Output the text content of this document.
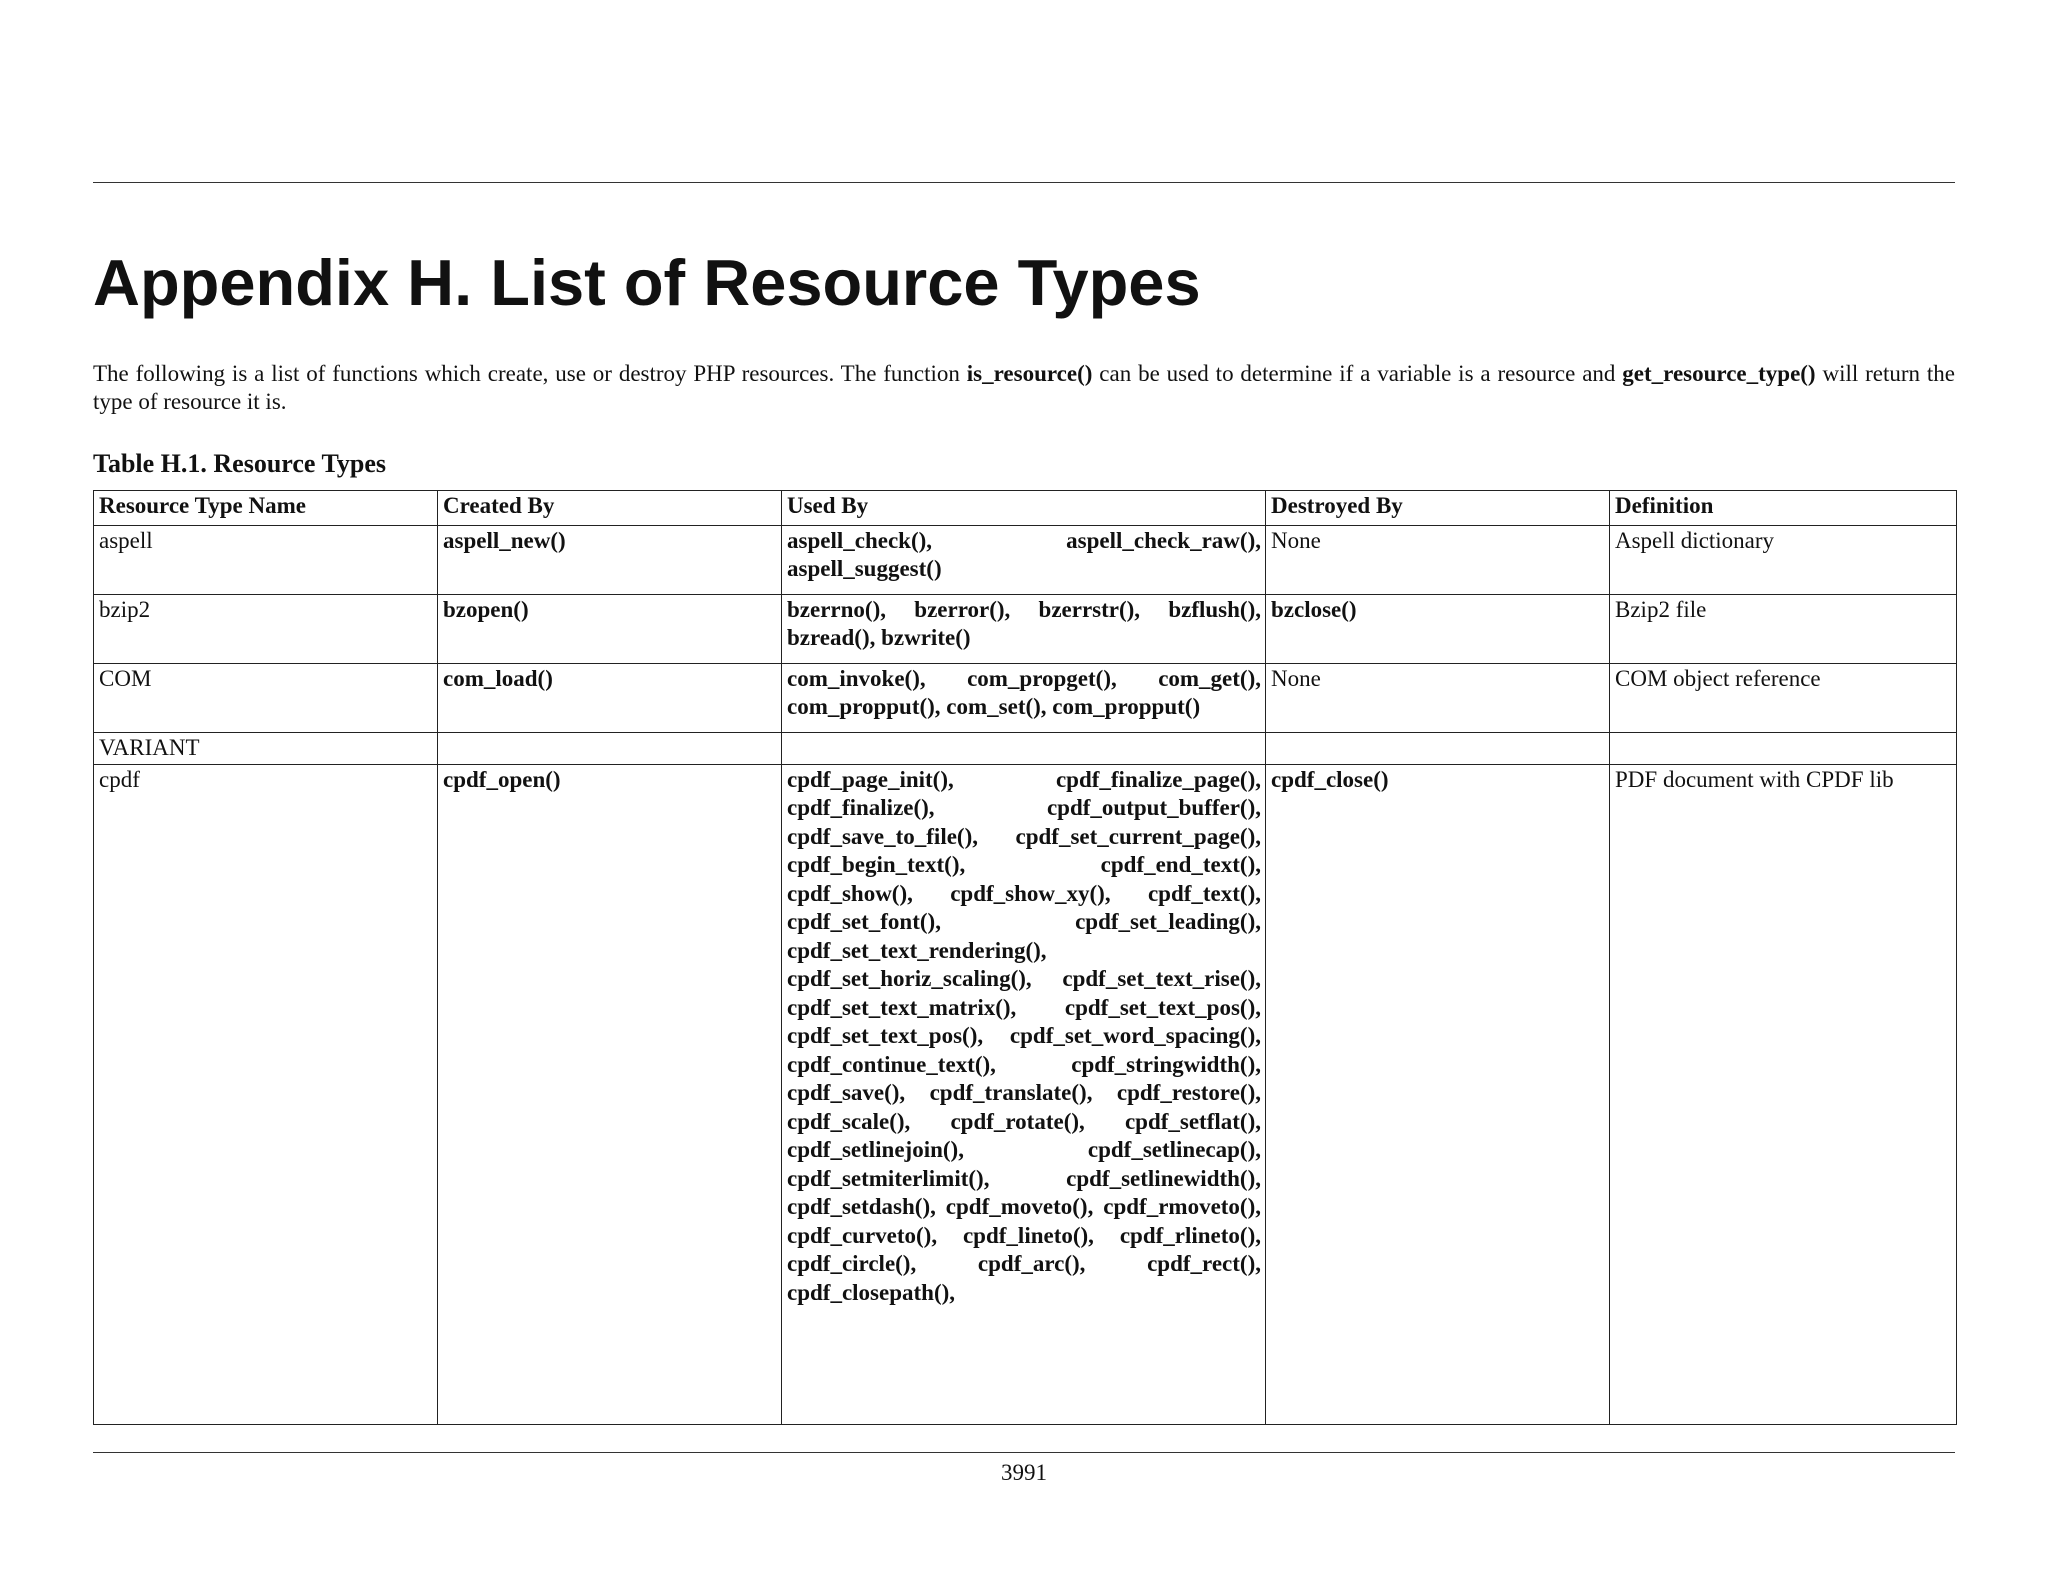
Appendix H. List of Resource Types

The following is a list of functions which create, use or destroy PHP resources. The function is_resource() can be used to determine if a variable is a resource and get_resource_type() will return the type of resource it is.

Table H.1. Resource Types
Resource Type Name	Created By	Used By	Destroyed By	Definition
aspell	aspell_new()	aspell_check(), aspell_check_raw(), aspell_suggest()	None	Aspell dictionary
bzip2	bzopen()	bzerrno(), bzerror(), bzerrstr(), bzflush(), bzread(), bzwrite()	bzclose()	Bzip2 file
COM	com_load()	com_invoke(), com_propget(), com_get(), com_propput(), com_set(), com_propput()	None	COM object reference
VARIANT				
cpdf	cpdf_open()	cpdf_page_init(), cpdf_finalize_page(), cpdf_finalize(), cpdf_output_buffer(), cpdf_save_to_file(), cpdf_set_current_page(), cpdf_begin_text(), cpdf_end_text(), cpdf_show(), cpdf_show_xy(), cpdf_text(), cpdf_set_font(), cpdf_set_leading(), cpdf_set_text_rendering(), cpdf_set_horiz_scaling(), cpdf_set_text_rise(), cpdf_set_text_matrix(), cpdf_set_text_pos(), cpdf_set_text_pos(), cpdf_set_word_spacing(), cpdf_continue_text(), cpdf_stringwidth(), cpdf_save(), cpdf_translate(), cpdf_restore(), cpdf_scale(), cpdf_rotate(), cpdf_setflat(), cpdf_setlinejoin(), cpdf_setlinecap(), cpdf_setmiterlimit(), cpdf_setlinewidth(), cpdf_setdash(), cpdf_moveto(), cpdf_rmoveto(), cpdf_curveto(), cpdf_lineto(), cpdf_rlineto(), cpdf_circle(), cpdf_arc(), cpdf_rect(), cpdf_closepath(),	cpdf_close()	PDF document with CPDF lib
3991
